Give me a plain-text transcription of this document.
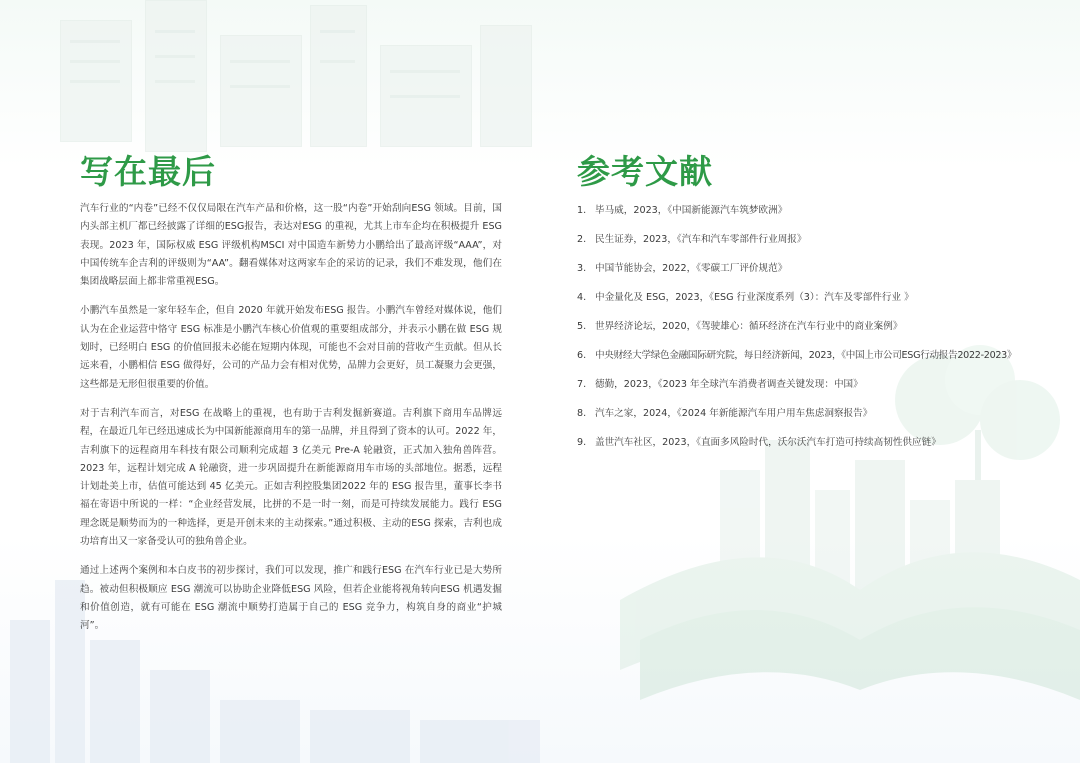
写在最后

汽车行业的“内卷”已经不仅仅局限在汽车产品和价格，这一股“内卷”开始刮向ESG 领域。目前，国内头部主机厂都已经披露了详细的ESG报告，表达对ESG 的重视，尤其上市车企均在积极提升 ESG 表现。2023 年，国际权威 ESG 评级机构MSCI 对中国造车新势力小鹏给出了最高评级“AAA”，对中国传统车企吉利的评级则为“AA”。翻看媒体对这两家车企的采访的记录，我们不难发现，他们在集团战略层面上都非常重视ESG。

小鹏汽车虽然是一家年轻车企，但自 2020 年就开始发布ESG 报告。小鹏汽车曾经对媒体说，他们认为在企业运营中恪守 ESG 标准是小鹏汽车核心价值观的重要组成部分，并表示小鹏在做 ESG 规划时，已经明白 ESG 的价值回报未必能在短期内体现，可能也不会对目前的营收产生贡献。但从长远来看，小鹏相信 ESG 做得好，公司的产品力会有相对优势，品牌力会更好，员工凝聚力会更强，这些都是无形但很重要的价值。

对于吉利汽车而言，对ESG 在战略上的重视，也有助于吉利发掘新赛道。吉利旗下商用车品牌远程，在最近几年已经迅速成长为中国新能源商用车的第一品牌，并且得到了资本的认可。2022 年，吉利旗下的远程商用车科技有限公司顺利完成超 3 亿美元 Pre-A 轮融资，正式加入独角兽阵营。2023 年，远程计划完成 A 轮融资，进一步巩固提升在新能源商用车市场的头部地位。据悉，远程计划赴美上市，估值可能达到 45 亿美元。正如吉利控股集团2022 年的 ESG 报告里，董事长李书福在寄语中所说的一样：“企业经营发展，比拼的不是一时一刻，而是可持续发展能力。践行 ESG 理念既是顺势而为的一种选择，更是开创未来的主动探索。”通过积极、主动的ESG 探索，吉利也成功培育出又一家备受认可的独角兽企业。

通过上述两个案例和本白皮书的初步探讨，我们可以发现，推广和践行ESG 在汽车行业已是大势所趋。被动但积极顺应 ESG 潮流可以协助企业降低ESG 风险，但若企业能将视角转向ESG 机遇发掘和价值创造，就有可能在 ESG 潮流中顺势打造属于自己的 ESG 竞争力，构筑自身的商业“护城河”。

参考文献
1. 毕马威，2023，《中国新能源汽车筑梦欧洲》
2. 民生证券，2023，《汽车和汽车零部件行业周报》
3. 中国节能协会，2022，《零碳工厂评价规范》
4. 中金量化及 ESG，2023，《ESG 行业深度系列（3）：汽车及零部件行业 》
5. 世界经济论坛，2020，《驾驶雄心：循环经济在汽车行业中的商业案例》
6. 中央财经大学绿色金融国际研究院，每日经济新闻，2023，《中国上市公司ESG行动报告2022-2023》
7. 德勤，2023，《2023 年全球汽车消费者调查关键发现：中国》
8. 汽车之家，2024，《2024 年新能源汽车用户用车焦虑洞察报告》
9. 盖世汽车社区，2023，《直面多风险时代，沃尔沃汽车打造可持续高韧性供应链》
